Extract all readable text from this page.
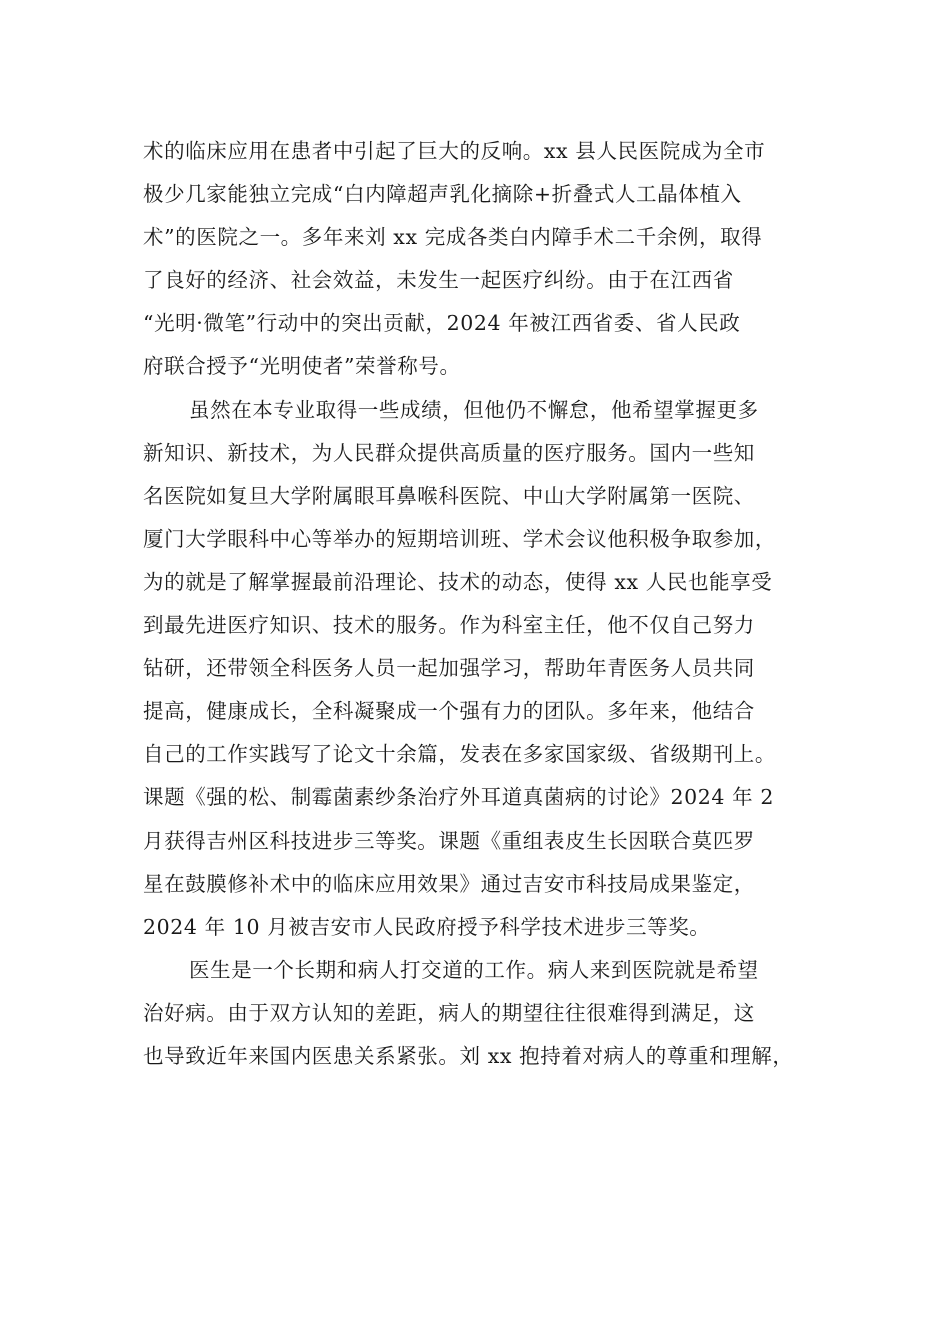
术的临床应用在患者中引起了巨大的反响。xx 县人民医院成为全市
极少几家能独立完成“白内障超声乳化摘除+折叠式人工晶体植入
术”的医院之一。多年来刘 xx 完成各类白内障手术二千余例，取得
了良好的经济、社会效益，未发生一起医疗纠纷。由于在江西省
“光明·微笔”行动中的突出贡献，2024 年被江西省委、省人民政
府联合授予“光明使者”荣誉称号。
虽然在本专业取得一些成绩，但他仍不懈怠，他希望掌握更多
新知识、新技术，为人民群众提供高质量的医疗服务。国内一些知
名医院如复旦大学附属眼耳鼻喉科医院、中山大学附属第一医院、
厦门大学眼科中心等举办的短期培训班、学术会议他积极争取参加，
为的就是了解掌握最前沿理论、技术的动态，使得 xx 人民也能享受
到最先进医疗知识、技术的服务。作为科室主任，他不仅自己努力
钻研，还带领全科医务人员一起加强学习，帮助年青医务人员共同
提高，健康成长，全科凝聚成一个强有力的团队。多年来，他结合
自己的工作实践写了论文十余篇，发表在多家国家级、省级期刊上。
课题《强的松、制霉菌素纱条治疗外耳道真菌病的讨论》2024 年 2
月获得吉州区科技进步三等奖。课题《重组表皮生长因联合莫匹罗
星在鼓膜修补术中的临床应用效果》通过吉安市科技局成果鉴定，
2024 年 10 月被吉安市人民政府授予科学技术进步三等奖。
医生是一个长期和病人打交道的工作。病人来到医院就是希望
治好病。由于双方认知的差距，病人的期望往往很难得到满足，这
也导致近年来国内医患关系紧张。刘 xx 抱持着对病人的尊重和理解，
